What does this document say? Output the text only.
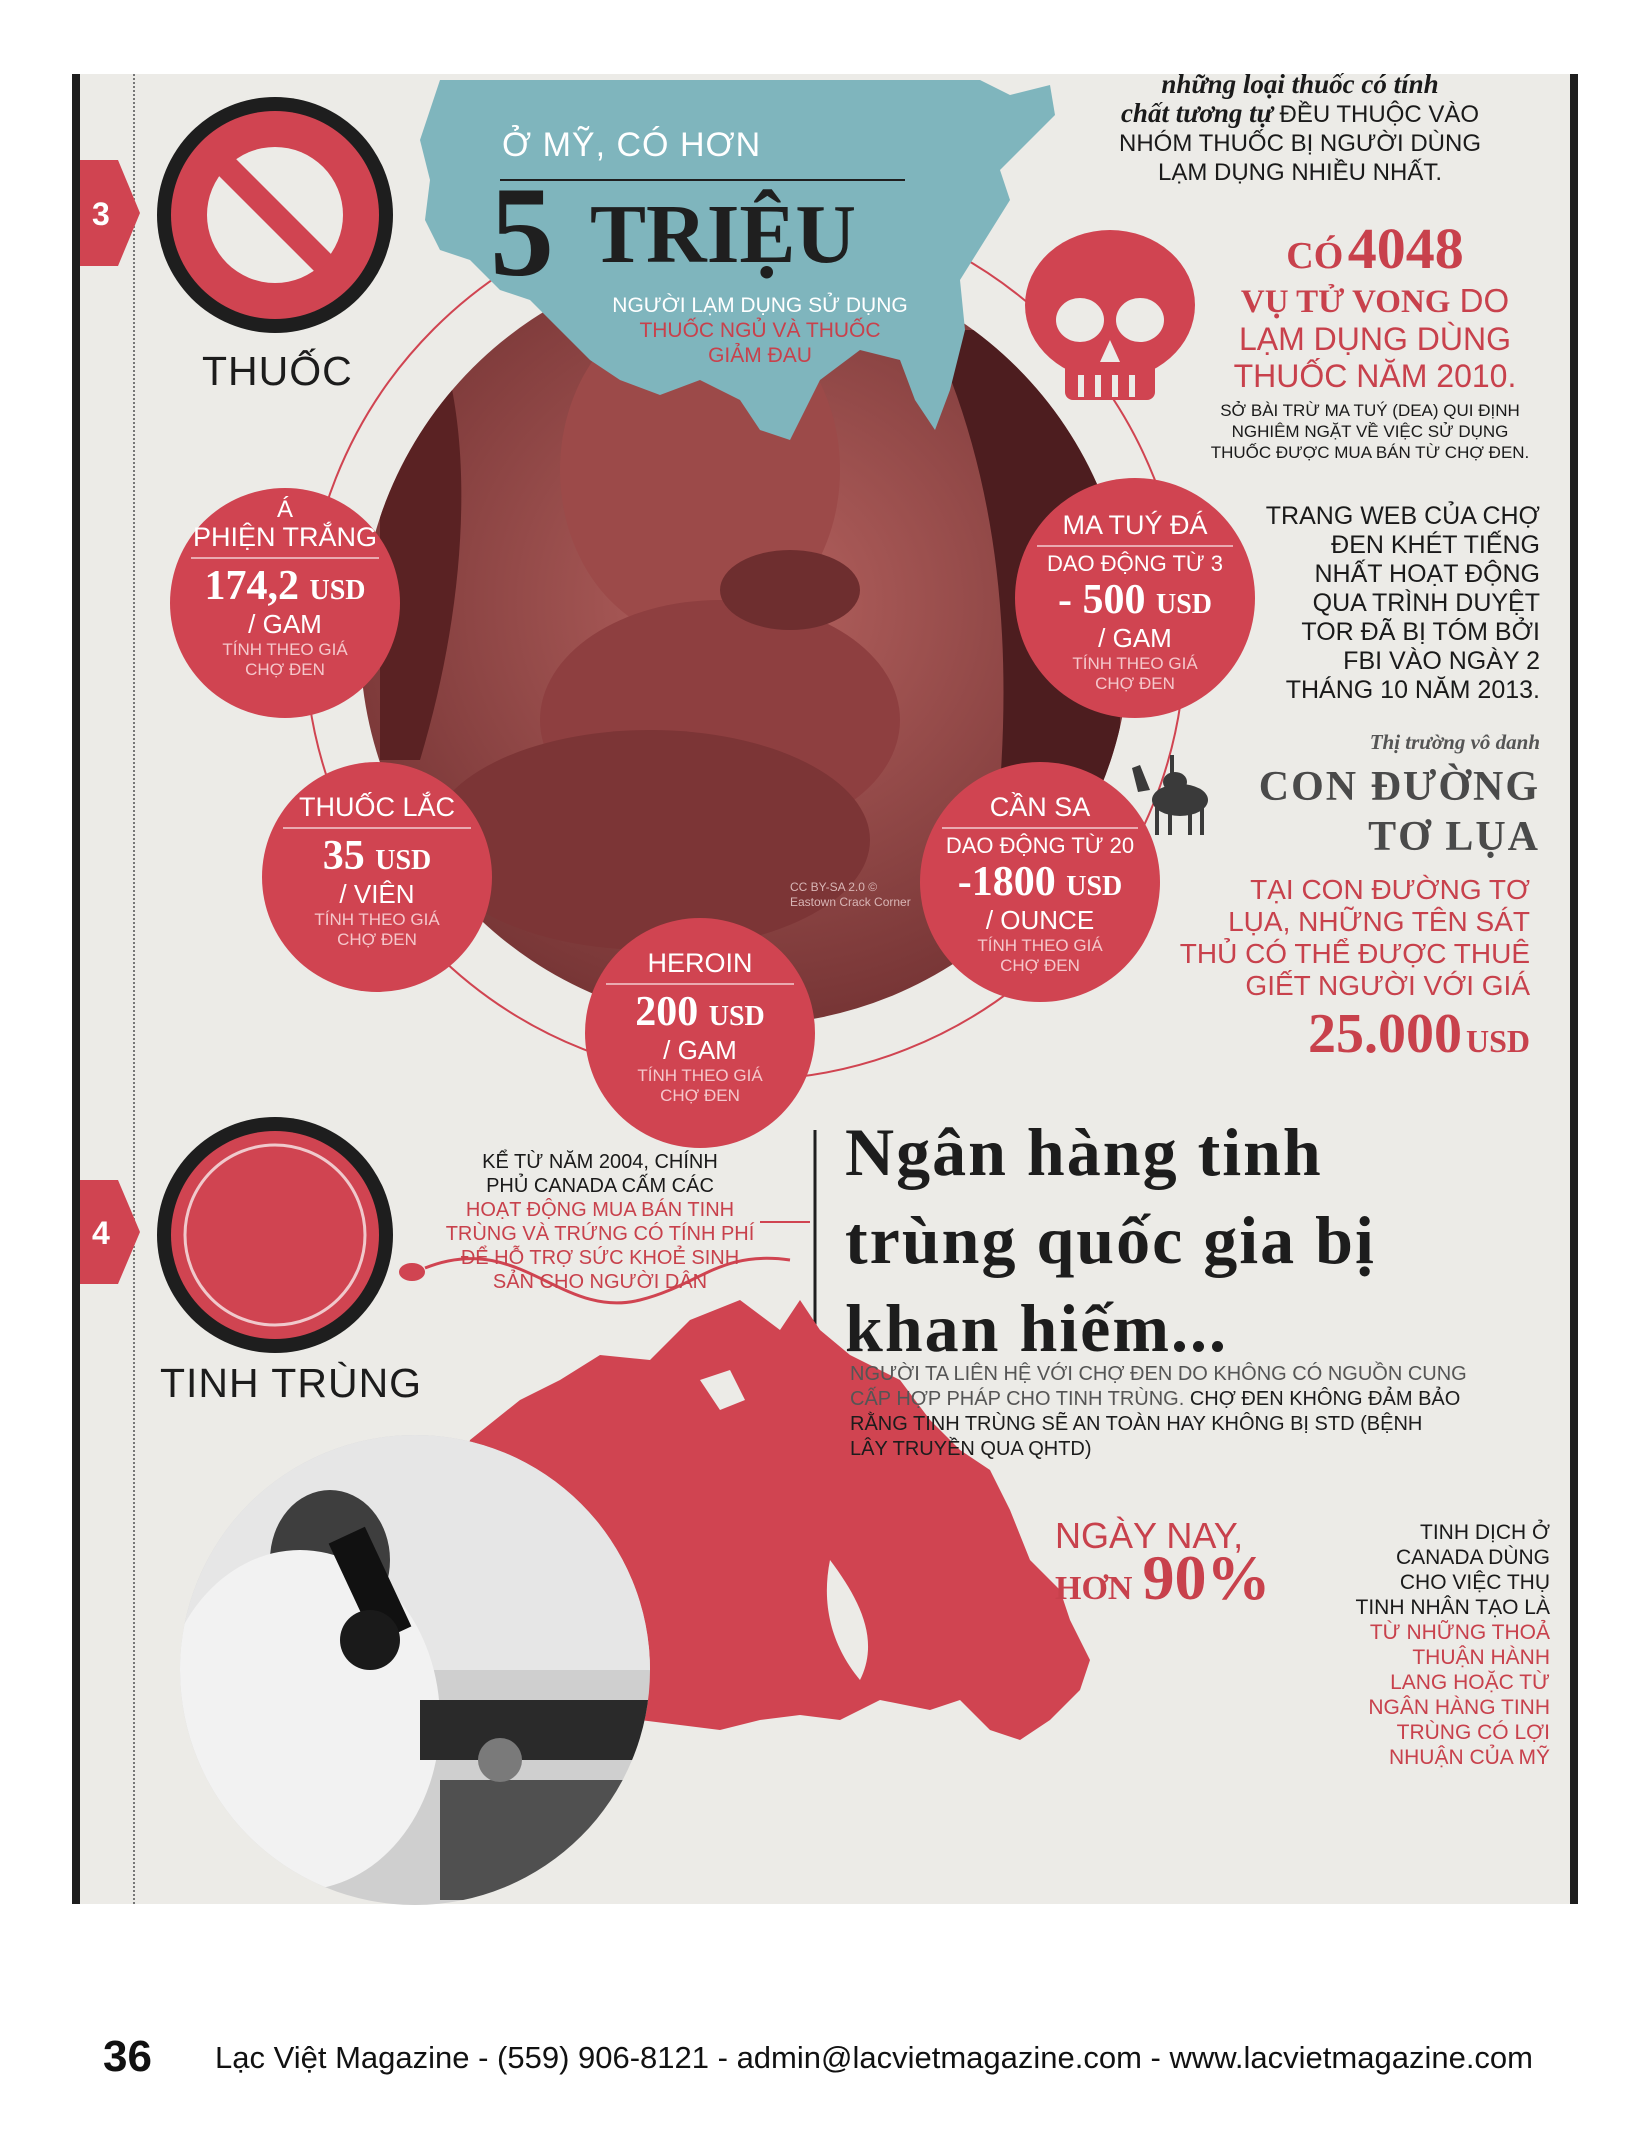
THUỐC
3
Ở MỸ, CÓ HƠN
5 TRIỆU
NGƯỜI LẠM DỤNG SỬ DỤNG
THUỐC NGỦ VÀ THUỐC
GIẢM ĐAU
những loại thuốc có tính
chất tương tự ĐỀU THUỘC VÀO
NHÓM THUỐC BỊ NGƯỜI DÙNG
LẠM DỤNG NHIỀU NHẤT.
CÓ 4048
VỤ TỬ VONG DO
LẠM DỤNG DÙNG
THUỐC NĂM 2010.
SỞ BÀI TRỪ MA TUÝ (DEA) QUI ĐỊNH
NGHIÊM NGẶT VỀ VIỆC SỬ DỤNG
THUỐC ĐƯỢC MUA BÁN TỪ CHỢ ĐEN.
TRANG WEB CỦA CHỢ
ĐEN KHÉT TIẾNG
NHẤT HOẠT ĐỘNG
QUA TRÌNH DUYỆT
TOR ĐÃ BỊ TÓM BỞI
FBI VÀO NGÀY 2
THÁNG 10 NĂM 2013.
Thị trường vô danh
CON ĐƯỜNG
TƠ LỤA
TẠI CON ĐƯỜNG TƠ
LỤA, NHỮNG TÊN SÁT
THỦ CÓ THỂ ĐƯỢC THUÊ
GIẾT NGƯỜI VỚI GIÁ
25.000 USD
CC BY-SA 2.0 ©
Eastown Crack Corner
Á
PHIỆN TRẮNG
174,2 USD
/ GAM
TÍNH THEO GIÁ
CHỢ ĐEN
MA TUÝ ĐÁ
DAO ĐỘNG TỪ 3
- 500 USD
/ GAM
TÍNH THEO GIÁ
CHỢ ĐEN
THUỐC LẮC
35 USD
/ VIÊN
TÍNH THEO GIÁ
CHỢ ĐEN
CẦN SA
DAO ĐỘNG TỪ 20
-1800 USD
/ OUNCE
TÍNH THEO GIÁ
CHỢ ĐEN
HEROIN
200 USD
/ GAM
TÍNH THEO GIÁ
CHỢ ĐEN
4
TINH TRÙNG
KỂ TỪ NĂM 2004, CHÍNH
PHỦ CANADA CẤM CÁC
HOẠT ĐỘNG MUA BÁN TINH
TRÙNG VÀ TRỨNG CÓ TÍNH PHÍ
ĐỂ HỖ TRỢ SỨC KHOẺ SINH
SẢN CHO NGƯỜI DÂN
Ngân hàng tinh
trùng quốc gia bị
khan hiếm...
NGƯỜI TA LIÊN HỆ VỚI CHỢ ĐEN DO KHÔNG CÓ NGUỒN CUNG
CẤP HỢP PHÁP CHO TINH TRÙNG. CHỢ ĐEN KHÔNG ĐẢM BẢO
RẰNG TINH TRÙNG SẼ AN TOÀN HAY KHÔNG BỊ STD (BỆNH
LÂY TRUYỀN QUA QHTD)
NGÀY NAY,
HƠN 90%
TINH DỊCH Ở
CANADA DÙNG
CHO VIỆC THỤ
TINH NHÂN TẠO LÀ
TỪ NHỮNG THOẢ
THUẬN HÀNH
LANG HOẶC TỪ
NGÂN HÀNG TINH
TRÙNG CÓ LỢI
NHUẬN CỦA MỸ
36 Lạc Việt Magazine - (559) 906-8121 - admin@lacvietmagazine.com - www.lacvietmagazine.com
